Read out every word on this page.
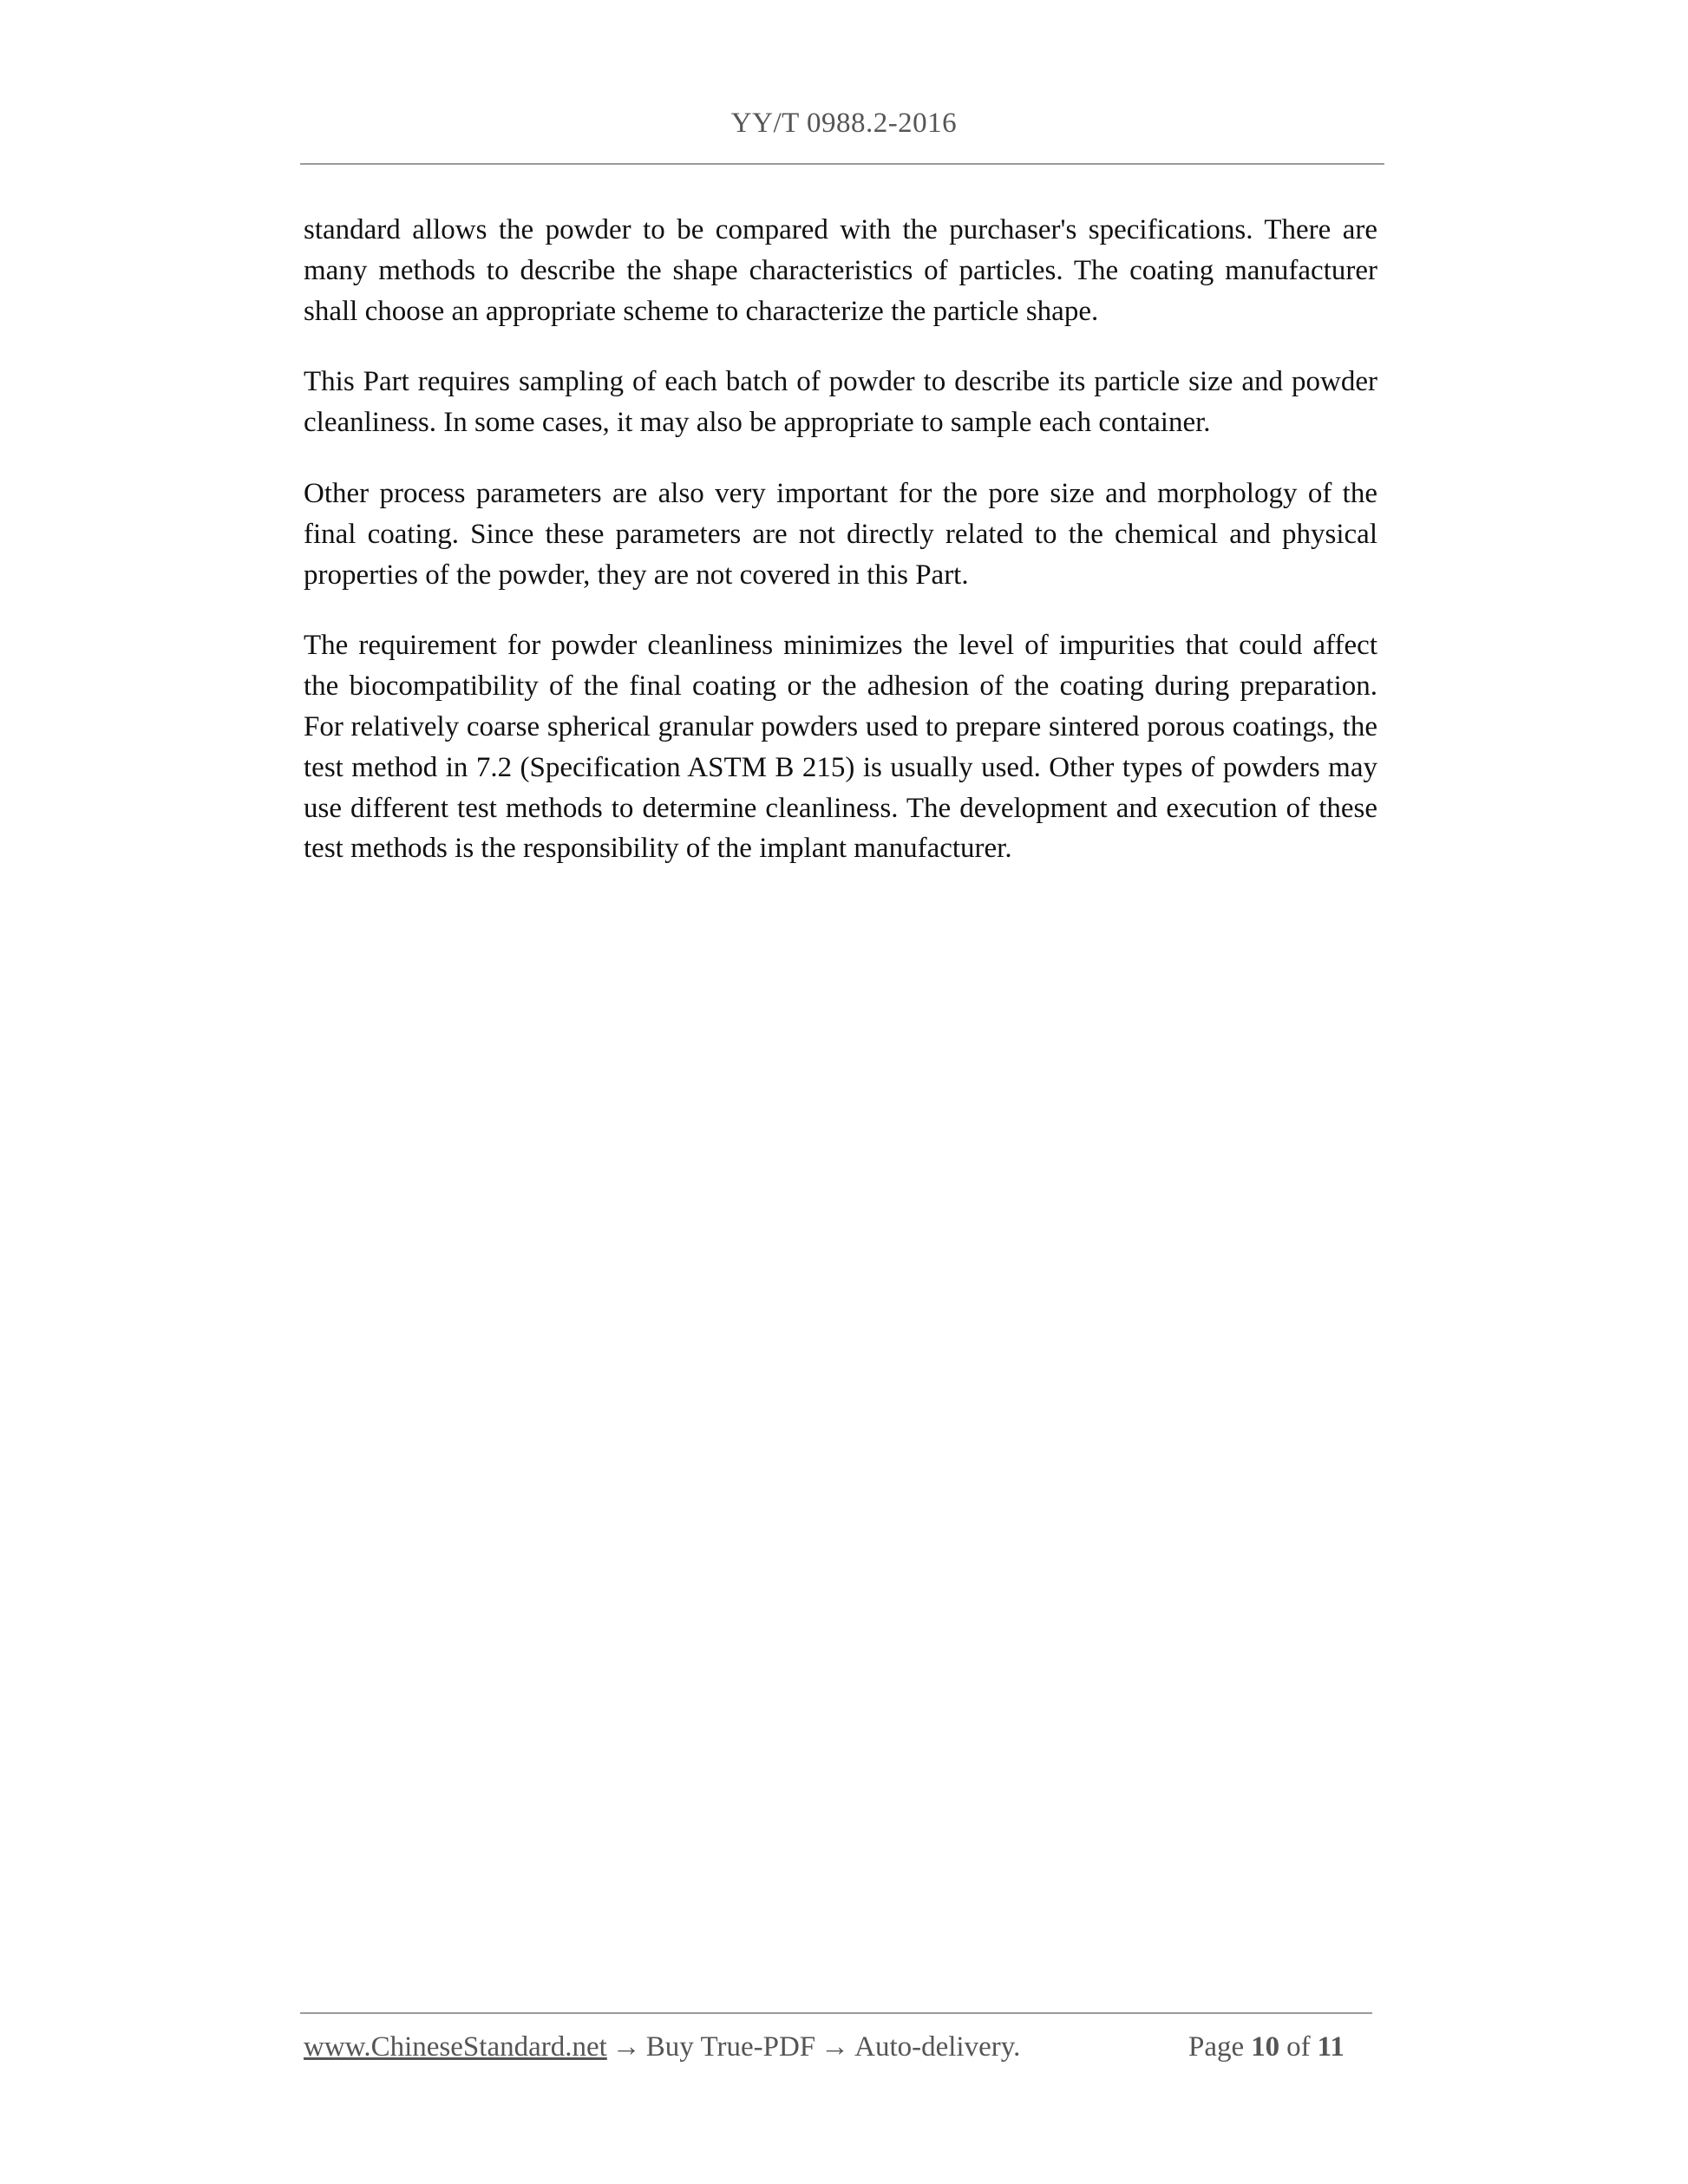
YY/T 0988.2-2016

standard allows the powder to be compared with the purchaser's specifications. There are many methods to describe the shape characteristics of particles. The coating manufacturer shall choose an appropriate scheme to characterize the particle shape.

This Part requires sampling of each batch of powder to describe its particle size and powder cleanliness. In some cases, it may also be appropriate to sample each container.

Other process parameters are also very important for the pore size and morphology of the final coating. Since these parameters are not directly related to the chemical and physical properties of the powder, they are not covered in this Part.

The requirement for powder cleanliness minimizes the level of impurities that could affect the biocompatibility of the final coating or the adhesion of the coating during preparation. For relatively coarse spherical granular powders used to prepare sintered porous coatings, the test method in 7.2 (Specification ASTM B 215) is usually used. Other types of powders may use different test methods to determine cleanliness. The development and execution of these test methods is the responsibility of the implant manufacturer.

www.ChineseStandard.net → Buy True-PDF → Auto-delivery.	Page 10 of 11
